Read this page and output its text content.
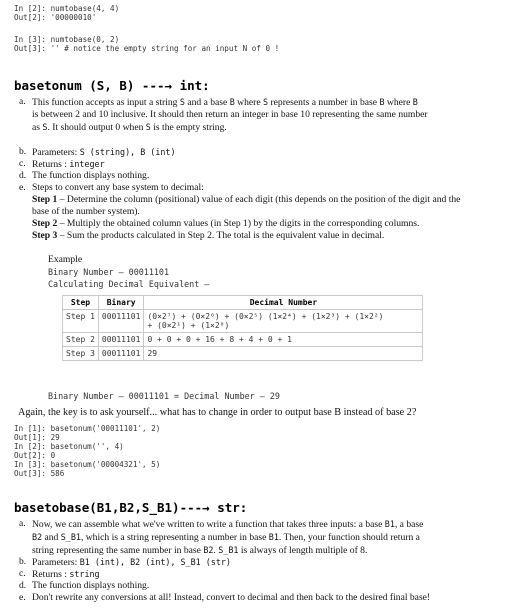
In [2]: numtobase(4, 4)
Out[2]: '00000010'
In [3]: numtobase(0, 2)
Out[3]: '' # notice the empty string for an input N of 0 !
basetonum (S, B) ---→ int:
a. This function accepts as input a string S and a base B where S represents a number in base B where B
is between 2 and 10 inclusive. It should then return an integer in base 10 representing the same number
as S. It should output 0 when S is the empty string.
b. Parameters: S (string), B (int)
c. Returns : integer
d. The function displays nothing.
e. Steps to convert any base system to decimal:
Step 1 – Determine the column (positional) value of each digit (this depends on the position of the digit and the
base of the number system).
Step 2 – Multiply the obtained column values (in Step 1) by the digits in the corresponding columns.
Step 3 – Sum the products calculated in Step 2. The total is the equivalent value in decimal.
Example
Binary Number – 00011101
Calculating Decimal Equivalent –
Step	Binary	Decimal Number
Step 1	00011101	(0×2⁷) + (0×2⁶) + (0×2⁵) (1×2⁴) + (1×2³) + (1×2²)
+ (0×2¹) + (1×2⁰)
Step 2	00011101	0 + 0 + 0 + 16 + 8 + 4 + 0 + 1
Step 3	00011101	29
Binary Number – 00011101 = Decimal Number – 29
Again, the key is to ask yourself... what has to change in order to output base B instead of base 2?
In [1]: basetonum('00011101', 2)
Out[1]: 29
In [2]: basetonum('', 4)
Out[2]: 0
In [3]: basetonum('00004321', 5)
Out[3]: 586
basetobase(B1,B2,S_B1)---→ str:
a. Now, we can assemble what we've written to write a function that takes three inputs: a base B1, a base
B2 and S_B1, which is a string representing a number in base B1. Then, your function should return a
string representing the same number in base B2. S_B1 is always of length multiple of 8.
b. Parameters: B1 (int), B2 (int), S_B1 (str)
c. Returns : string
d. The function displays nothing.
e. Don't rewrite any conversions at all! Instead, convert to decimal and then back to the desired final base!
